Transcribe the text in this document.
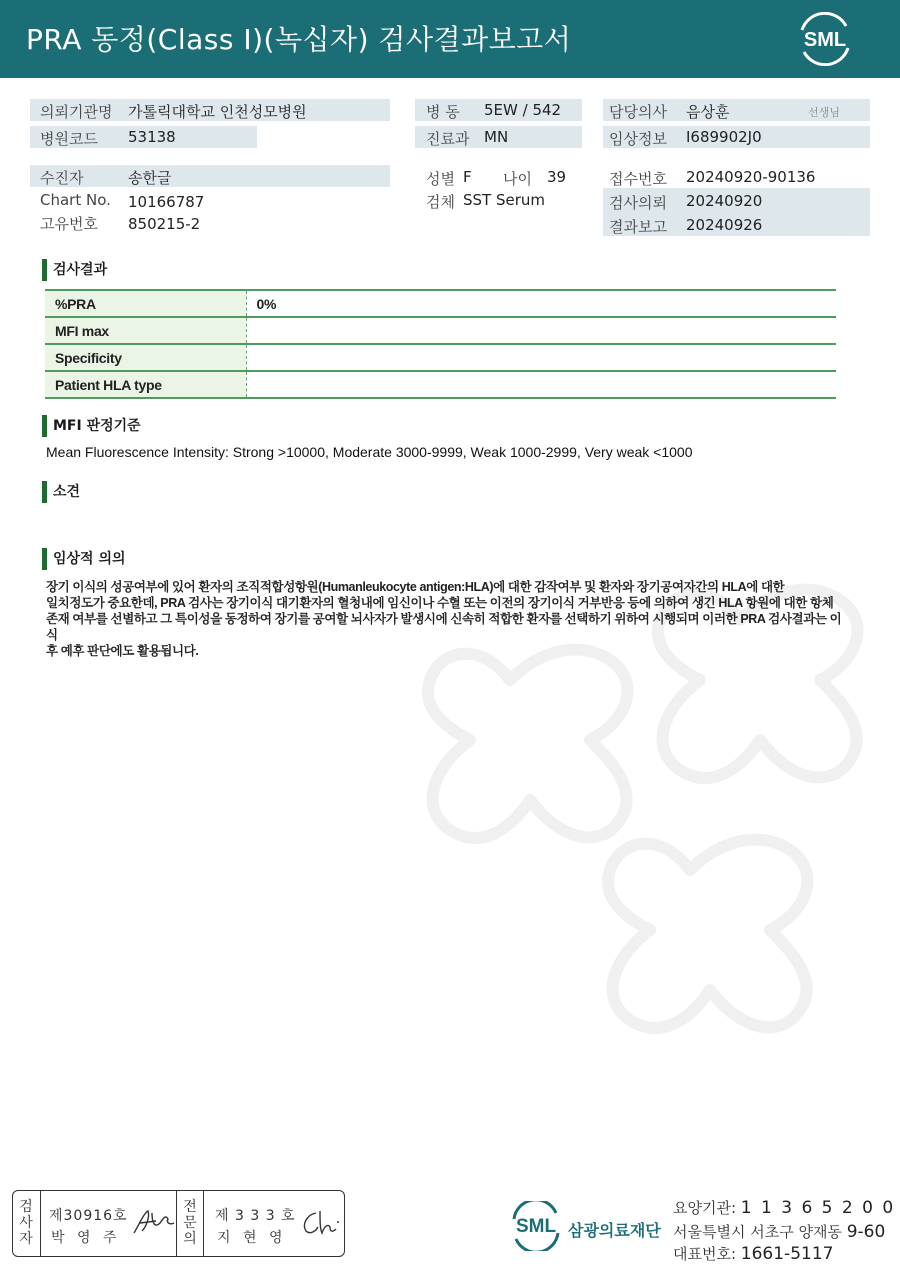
PRA 동정(Class I)(녹십자) 검사결과보고서	SML
의뢰기관명 가톨릭대학교 인천성모병원
병원코드 53138
수진자	송한글
Chart No. 10166787
고유번호 850215-2
병 동 5EW / 542
진료과 MN
성별 F 나이 39
검체 SST Serum
담당의사 음상훈	선생님
임상정보 I689902J0
접수번호 20240920-90136
검사의뢰 20240920
결과보고 20240926
검사결과
%PRA	0%
MFI max	
Specificity	
Patient HLA type	
MFI 판정기준
Mean Fluorescence Intensity: Strong >10000, Moderate 3000-9999, Weak 1000-2999, Very weak <1000
소견
임상적 의의
장기 이식의 성공여부에 있어 환자의 조직적합성항원(Humanleukocyte antigen:HLA)에 대한 감작여부 및 환자와 장기공여자간의 HLA에 대한
일치정도가 중요한데, PRA 검사는 장기이식 대기환자의 혈청내에 임신이나 수혈 또는 이전의 장기이식 거부반응 등에 의하여 생긴 HLA 항원에 대한 항체
존재 여부를 선별하고 그 특이성을 동정하여 장기를 공여할 뇌사자가 발생시에 신속히 적합한 환자를 선택하기 위하여 시행되며 이러한 PRA 검사결과는 이식
후 예후 판단에도 활용됩니다.
검
사
자
제30916호
박 영 주
전
문
의
제 3 3 3 호
지 현 영
SML 삼광의료재단
요양기관: 1 1 3 6 5 2 0 0
서울특별시 서초구 양재동 9-60
대표번호: 1661-5117
